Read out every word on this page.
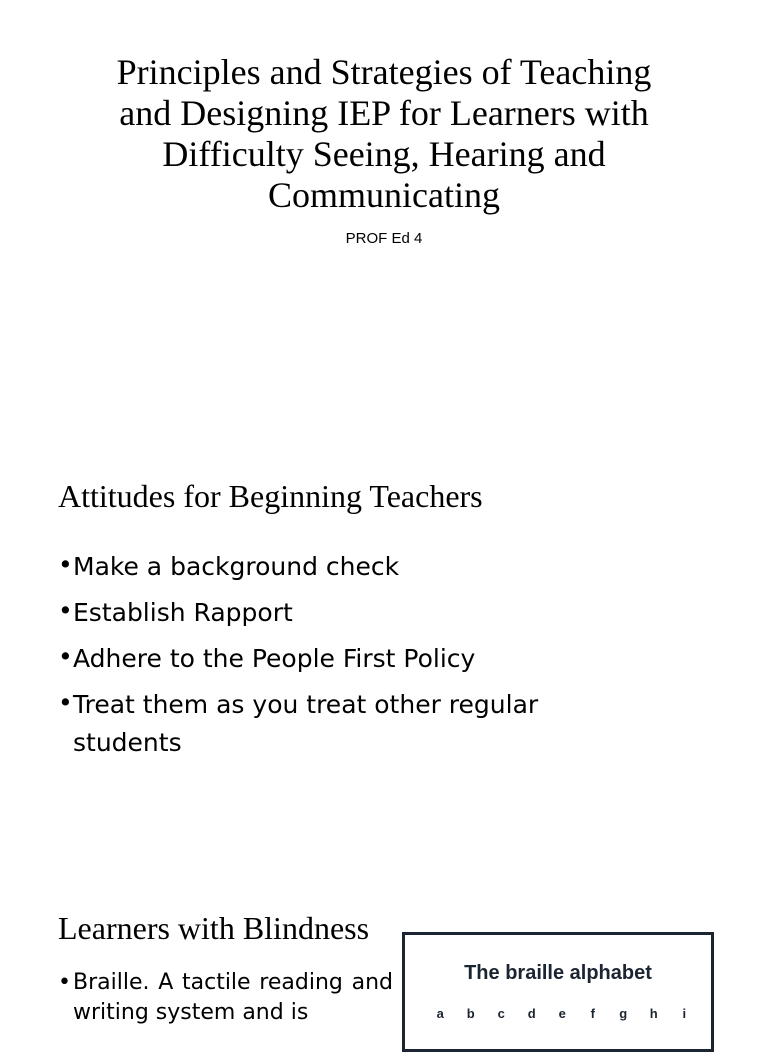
Principles and Strategies of Teaching and Designing IEP for Learners with Difficulty Seeing, Hearing and Communicating
PROF Ed 4
Attitudes for Beginning Teachers
• Make a background check
• Establish Rapport
• Adhere to the People First Policy
• Treat them as you treat other regular students
Learners with Blindness
• Braille. A tactile reading and writing system and is
The braille alphabet
a	b	c	d	e	f	g	h	i
